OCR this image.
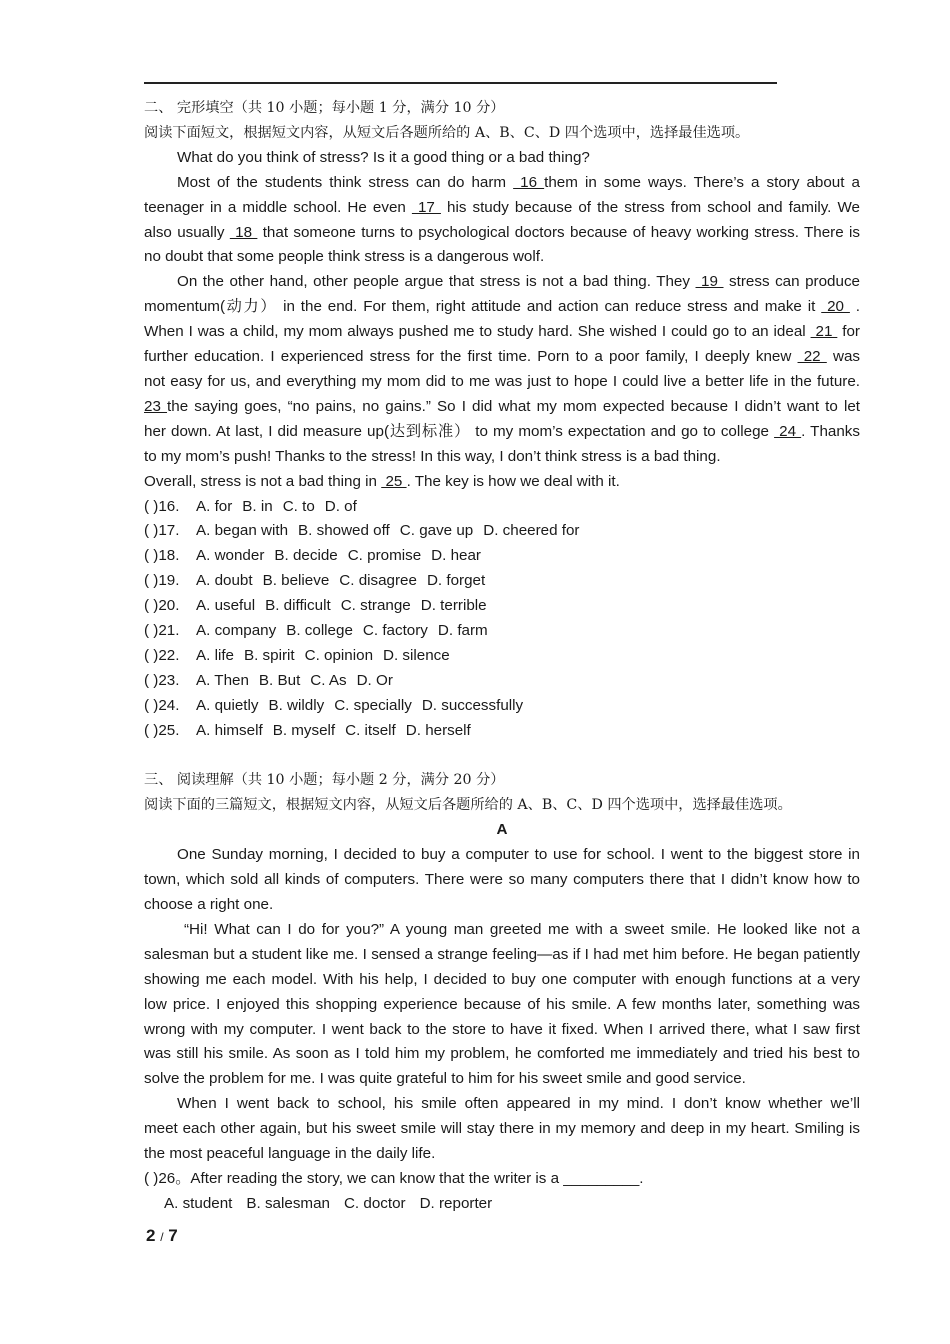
二、 完形填空（共 10 小题；每小题 1 分，满分 10 分）
阅读下面短文，根据短文内容，从短文后各题所给的 A、B、C、D 四个选项中，选择最佳选项。
What do you think of stress? Is it a good thing or a bad thing?
Most of the students think stress can do harm  16 them in some ways. There’s a story about a
teenager in a middle school. He even  17  his study because of the stress from school and family. We
also usually  18  that someone turns to psychological doctors because of heavy working stress. There is
no doubt that some people think stress is a dangerous wolf.
On the other hand, other people argue that stress is not a bad thing. They  19  stress can produce
momentum(动力） in the end. For them, right attitude and action can reduce stress and make it  20  .
When I was a child, my mom always pushed me to study hard. She wished I could go to an ideal  21  for
further education. I experienced stress for the first time. Porn to a poor family, I deeply knew  22  was
not easy for us, and everything my mom did to me was just to hope I could live a better life in the future.
23 the saying goes, “no pains, no gains.” So I did what my mom expected because I didn’t want to let
her down. At last, I did measure up(达到标准） to my mom’s expectation and go to college  24 . Thanks
to my mom’s push! Thanks to the stress! In this way, I don’t think stress is a bad thing.
Overall, stress is not a bad thing in  25 . The key is how we deal with it.
( )16. A. for B. in C. to D. of
( )17. A. began with B. showed off C. gave up D. cheered for
( )18. A. wonder B. decide C. promise D. hear
( )19. A. doubt B. believe C. disagree D. forget
( )20. A. useful B. difficult C. strange D. terrible
( )21. A. company B. college C. factory D. farm
( )22. A. life B. spirit C. opinion D. silence
( )23. A. Then B. But C. As D. Or
( )24. A. quietly B. wildly C. specially D. successfully
( )25. A. himself B. myself C. itself D. herself
三、 阅读理解（共 10 小题；每小题 2 分，满分 20 分）
阅读下面的三篇短文，根据短文内容，从短文后各题所给的 A、B、C、D 四个选项中，选择最佳选项。
A
One Sunday morning, I decided to buy a computer to use for school. I went to the biggest store in
town, which sold all kinds of computers. There were so many computers there that I didn’t know how to
choose a right one.
“Hi! What can I do for you?” A young man greeted me with a sweet smile. He looked like not a
salesman but a student like me. I sensed a strange feeling—as if I had met him before. He began patiently
showing me each model. With his help, I decided to buy one computer with enough functions at a very
low price. I enjoyed this shopping experience because of his smile. A few months later, something was
wrong with my computer. I went back to the store to have it fixed. When I arrived there, what I saw first
was still his smile. As soon as I told him my problem, he comforted me immediately and tried his best to
solve the problem for me. I was quite grateful to him for his sweet smile and good service.
When I went back to school, his smile often appeared in my mind. I don’t know whether we’ll
meet each other again, but his sweet smile will stay there in my memory and deep in my heart. Smiling is
the most peaceful language in the daily life.
( )26。After reading the story, we can know that the writer is a _________.
A. student B. salesman C. doctor D. reporter
2 / 7
